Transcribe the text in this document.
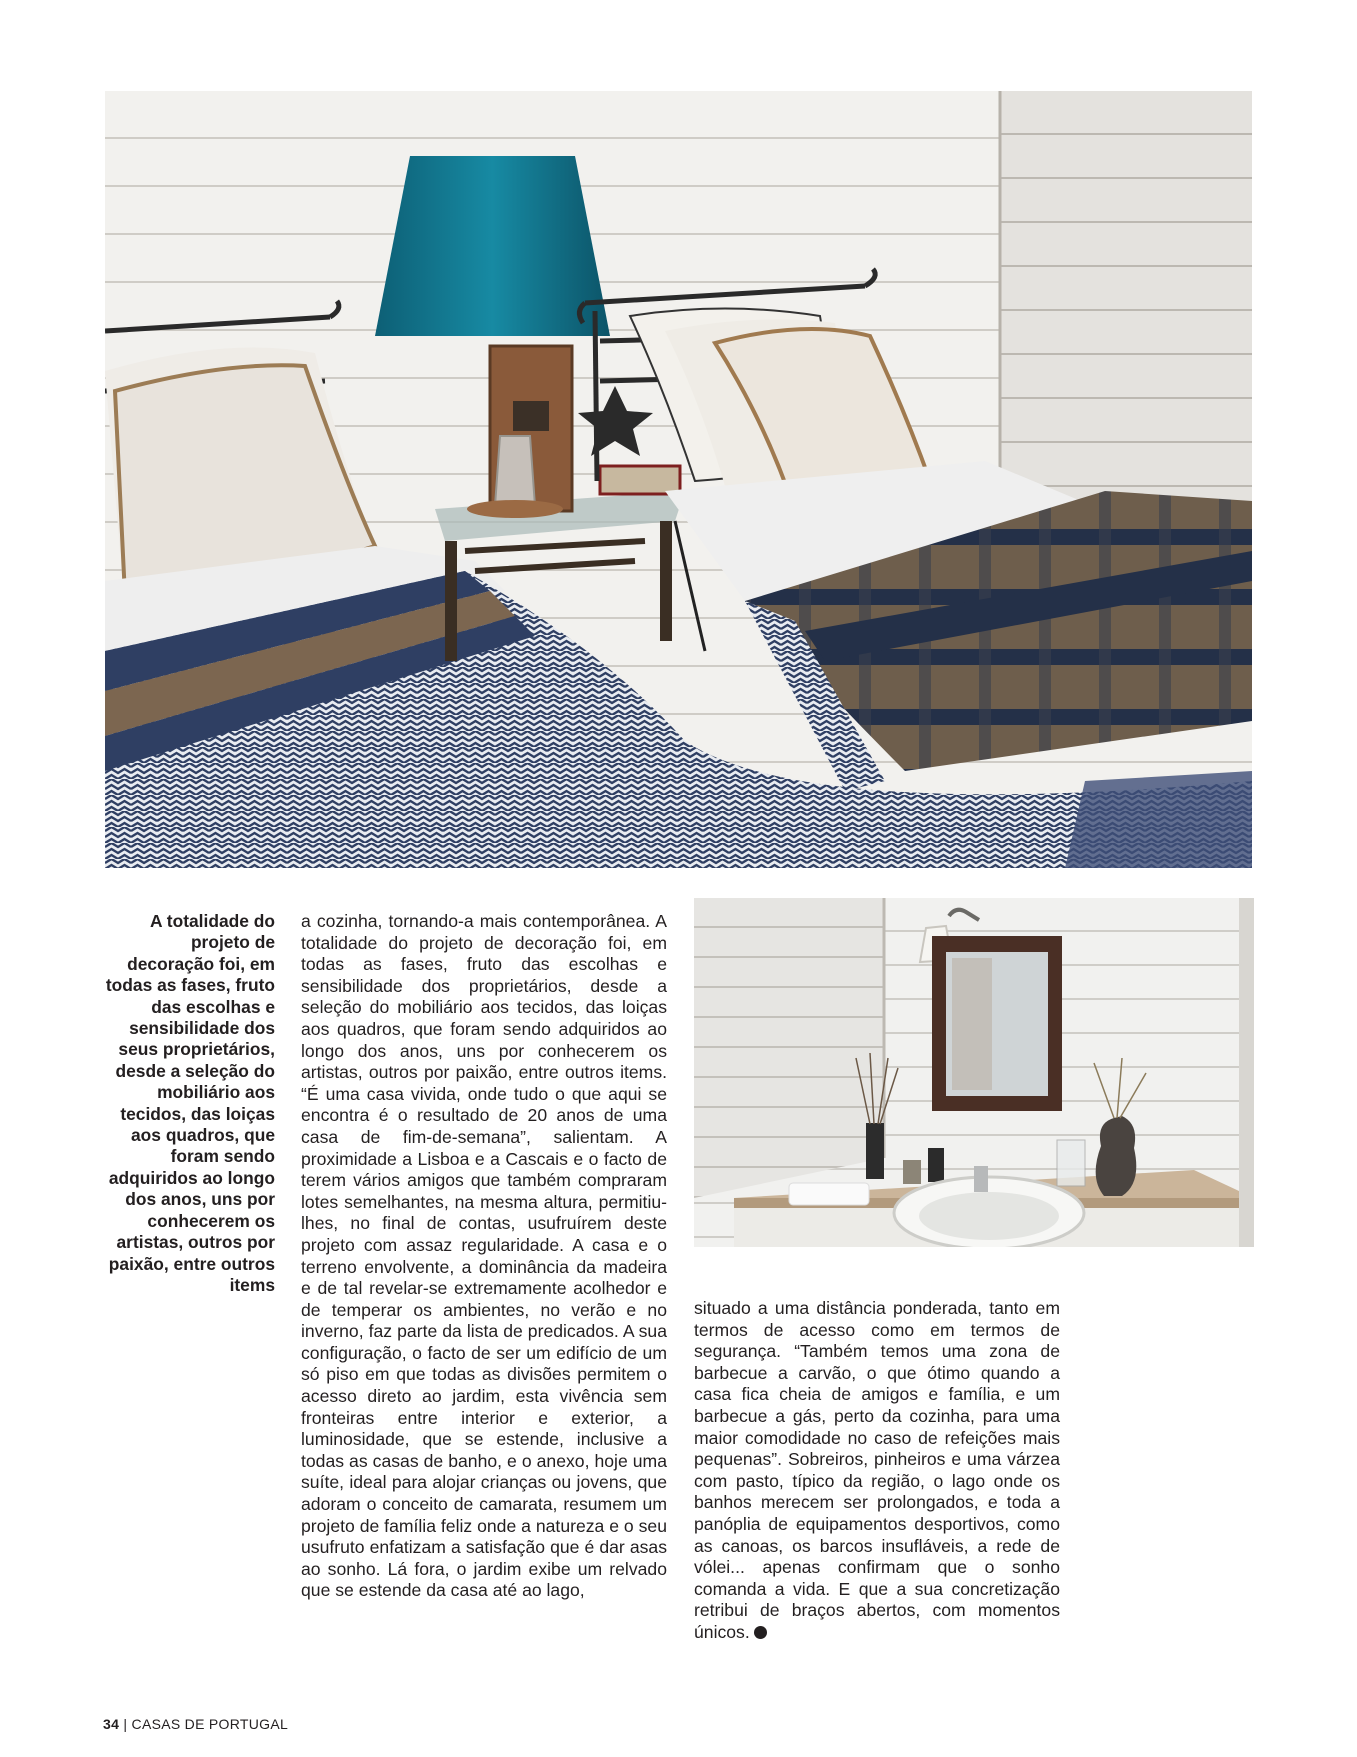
A totalidade do projeto de decoração foi, em todas as fases, fruto das escolhas e sensibilidade dos seus proprietários, desde a seleção do mobiliário aos tecidos, das loiças aos quadros, que foram sendo adquiridos ao longo dos anos, uns por conhecerem os artistas, outros por paixão, entre outros items

a cozinha, tornando-a mais contemporânea. A totalidade do projeto de decoração foi, em todas as fases, fruto das escolhas e sensibilidade dos proprietários, desde a seleção do mobiliário aos tecidos, das loiças aos quadros, que foram sendo adquiridos ao longo dos anos, uns por conhecerem os artistas, outros por paixão, entre outros items. “É uma casa vivida, onde tudo o que aqui se encontra é o resultado de 20 anos de uma casa de fim-de-semana”, salientam. A proximidade a Lisboa e a Cascais e o facto de terem vários amigos que também compraram lotes semelhantes, na mesma altura, permitiu-lhes, no final de contas, usufruírem deste projeto com assaz regularidade. A casa e o terreno envolvente, a dominância da madeira e de tal revelar-se extremamente acolhedor e de temperar os ambientes, no verão e no inverno, faz parte da lista de predicados. A sua configuração, o facto de ser um edifício de um só piso em que todas as divisões permitem o acesso direto ao jardim, esta vivência sem fronteiras entre interior e exterior, a luminosidade, que se estende, inclusive a todas as casas de banho, e o anexo, hoje uma suíte, ideal para alojar crianças ou jovens, que adoram o conceito de camarata, resumem um projeto de família feliz onde a natureza e o seu usufruto enfatizam a satisfação que é dar asas ao sonho. Lá fora, o jardim exibe um relvado que se estende da casa até ao lago,

situado a uma distância ponderada, tanto em termos de acesso como em termos de segurança. “Também temos uma zona de barbecue a carvão, o que ótimo quando a casa fica cheia de amigos e família, e um barbecue a gás, perto da cozinha, para uma maior comodidade no caso de refeições mais pequenas”. Sobreiros, pinheiros e uma várzea com pasto, típico da região, o lago onde os banhos merecem ser prolongados, e toda a panóplia de equipamentos desportivos, como as canoas, os barcos insufláveis, a rede de vólei... apenas confirmam que o sonho comanda a vida. E que a sua concretização retribui de braços abertos, com momentos únicos.

34 | CASAS DE PORTUGAL
